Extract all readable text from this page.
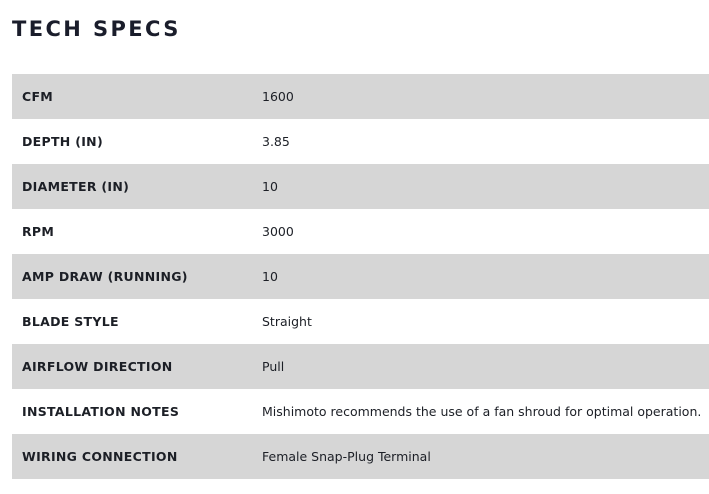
TECH SPECS
CFM	1600
DEPTH (IN)	3.85
DIAMETER (IN)	10
RPM	3000
AMP DRAW (RUNNING)	10
BLADE STYLE	Straight
AIRFLOW DIRECTION	Pull
INSTALLATION NOTES	Mishimoto recommends the use of a fan shroud for optimal operation.
WIRING CONNECTION	Female Snap-Plug Terminal
